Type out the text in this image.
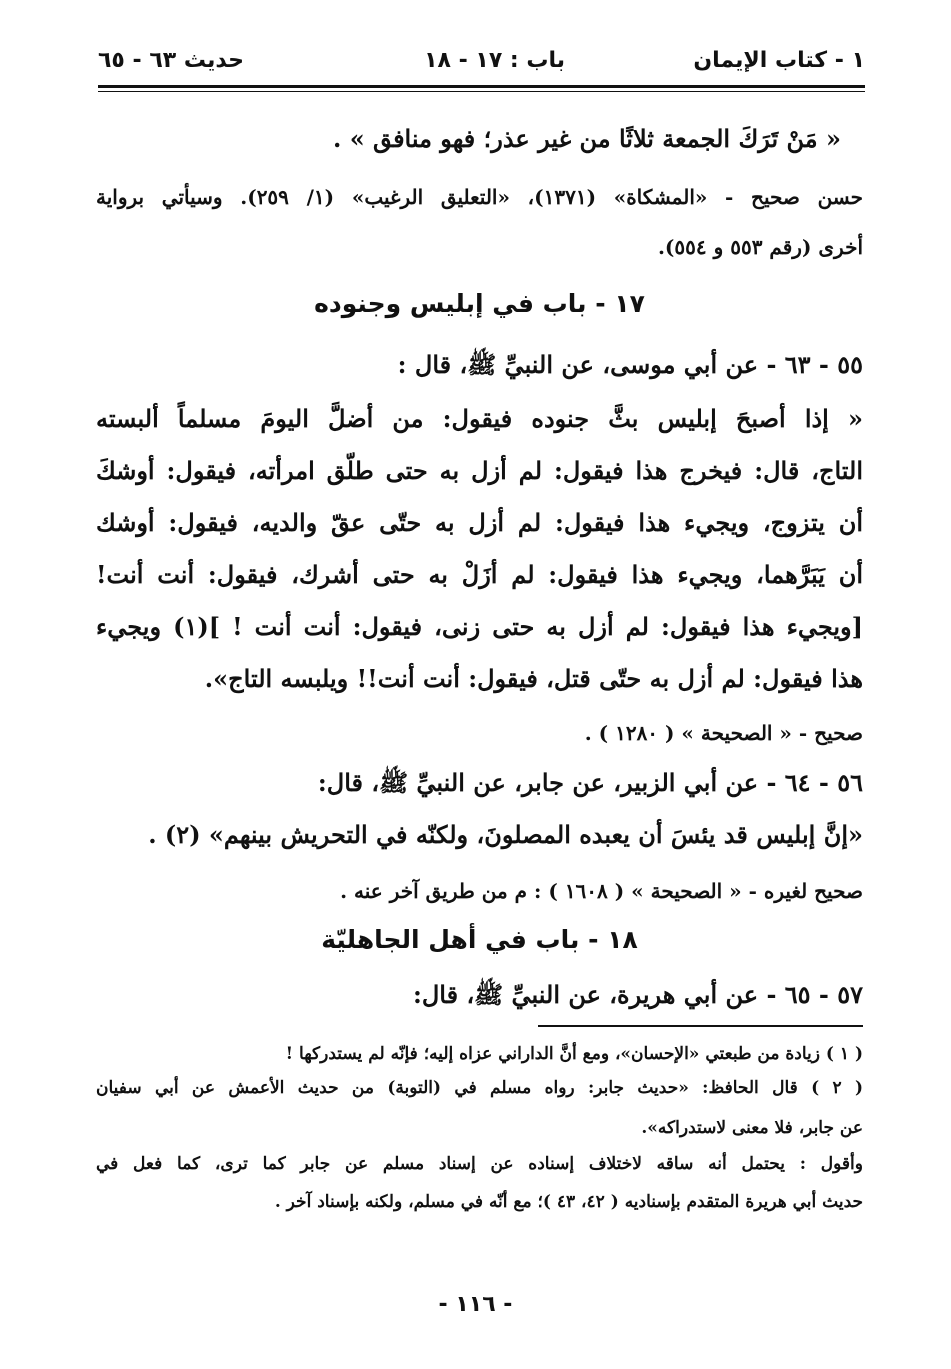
١ - كتاب الإيمان
باب : ١٧ - ١٨
حديث ٦٣ - ٦٥
« مَنْ تَرَكَ الجمعة ثلاثًا من غير عذر؛ فهو منافق » .
حسن صحيح - «المشكاة» (١٣٧١)، «التعليق الرغيب» (١/ ٢٥٩). وسيأتي برواية
أخرى (رقم ٥٥٣ و ٥٥٤).
١٧ - باب في إبليس وجنوده
٥٥ - ٦٣ - عن أبي موسى، عن النبيِّ ﷺ، قال :
« إذا أصبحَ إبليس بثَّ جنوده فيقول: من أضلَّ اليومَ مسلماً ألبسته
التاج، قال: فيخرج هذا فيقول: لم أزل به حتى طلّق امرأته، فيقول: أوشكَ
أن يتزوج، ويجيء هذا فيقول: لم أزل به حتّى عقّ والديه، فيقول: أوشك
أن يَبَرَّهما، ويجيء هذا فيقول: لم أزَلْ به حتى أشرك، فيقول: أنت أنت!
[ويجيء هذا فيقول: لم أزل به حتى زنى، فيقول: أنت أنت ! ](١) ويجيء
هذا فيقول: لم أزل به حتّى قتل، فيقول: أنت أنت!! ويلبسه التاج».
صحيح - « الصحيحة » ( ١٢٨٠ ) .
٥٦ - ٦٤ - عن أبي الزبير، عن جابر، عن النبيِّ ﷺ، قال:
«إنَّ إبليس قد يئسَ أن يعبده المصلونَ، ولكنّه في التحريش بينهم» (٢) .
صحيح لغيره - « الصحيحة » ( ١٦٠٨ ) : م من طريق آخر عنه .
١٨ - باب في أهل الجاهليّة
٥٧ - ٦٥ - عن أبي هريرة، عن النبيِّ ﷺ، قال:
( ١ ) زيادة من طبعتي «الإحسان»، ومع أنَّ الداراني عزاه إليه؛ فإنّه لم يستدركها !
( ٢ ) قال الحافظ: «حديث جابر: رواه مسلم في (التوبة) من حديث الأعمش عن أبي سفيان
عن جابر، فلا معنى لاستدراكه».
وأقول : يحتمل أنه ساقه لاختلاف إسناده عن إسناد مسلم عن جابر كما ترى، كما فعل في
حديث أبي هريرة المتقدم بإسناديه ( ٤٢، ٤٣ )؛ مع أنّه في مسلم، ولكنه بإسناد آخر .
- ١١٦ -
